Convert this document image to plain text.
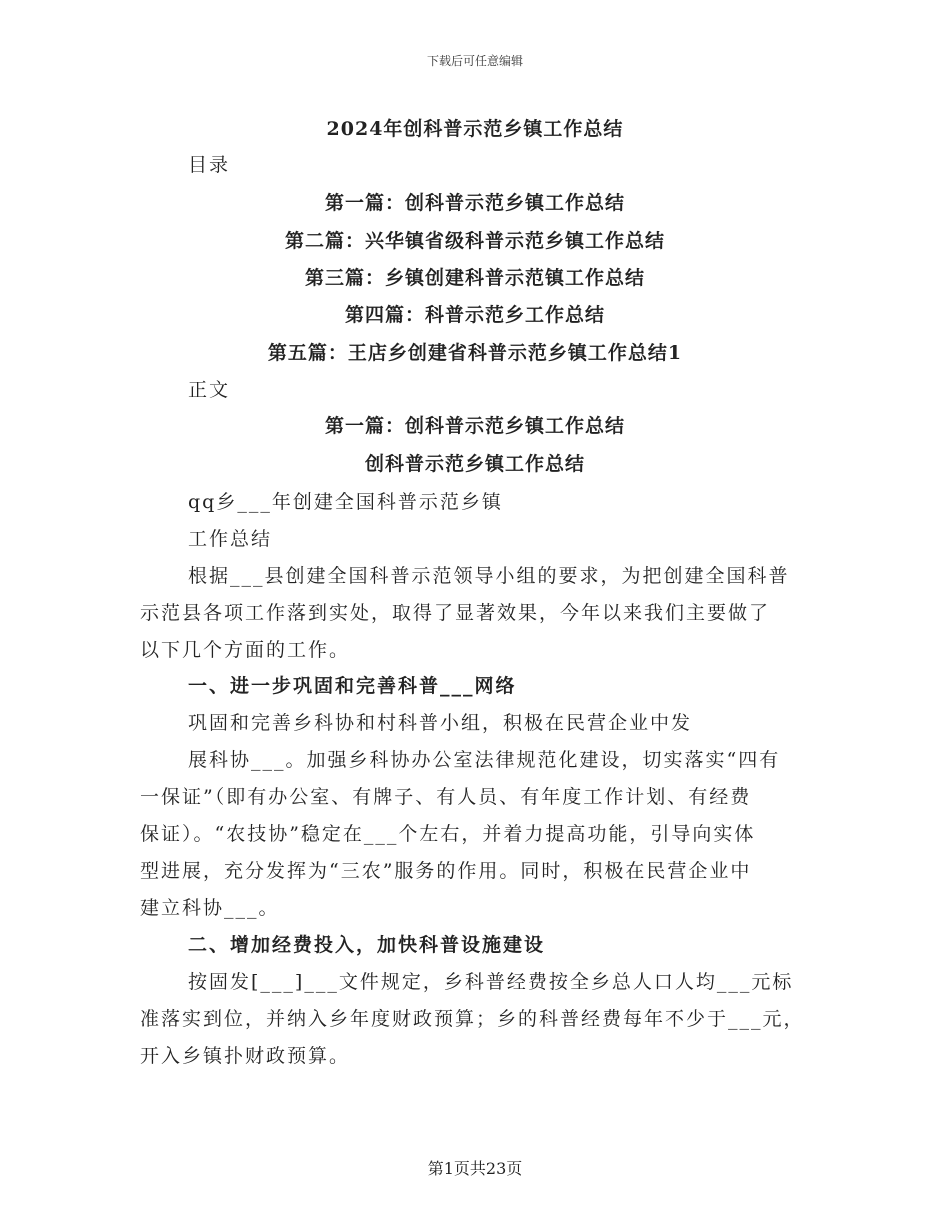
下载后可任意编辑
2024年创科普示范乡镇工作总结
目录
第一篇：创科普示范乡镇工作总结
第二篇：兴华镇省级科普示范乡镇工作总结
第三篇：乡镇创建科普示范镇工作总结
第四篇：科普示范乡工作总结
第五篇：王店乡创建省科普示范乡镇工作总结1
正文
第一篇：创科普示范乡镇工作总结
创科普示范乡镇工作总结
qq乡___年创建全国科普示范乡镇
工作总结
根据___县创建全国科普示范领导小组的要求，为把创建全国科普
示范县各项工作落到实处，取得了显著效果，今年以来我们主要做了
以下几个方面的工作。
一、进一步巩固和完善科普___网络
巩固和完善乡科协和村科普小组，积极在民营企业中发
展科协___。加强乡科协办公室法律规范化建设，切实落实“四有
一保证”（即有办公室、有牌子、有人员、有年度工作计划、有经费
保证）。“农技协”稳定在___个左右，并着力提高功能，引导向实体
型进展，充分发挥为“三农”服务的作用。同时，积极在民营企业中
建立科协___。
二、增加经费投入，加快科普设施建设
按固发[___]___文件规定，乡科普经费按全乡总人口人均___元标
准落实到位，并纳入乡年度财政预算；乡的科普经费每年不少于___元，
开入乡镇扑财政预算。
第1页共23页
